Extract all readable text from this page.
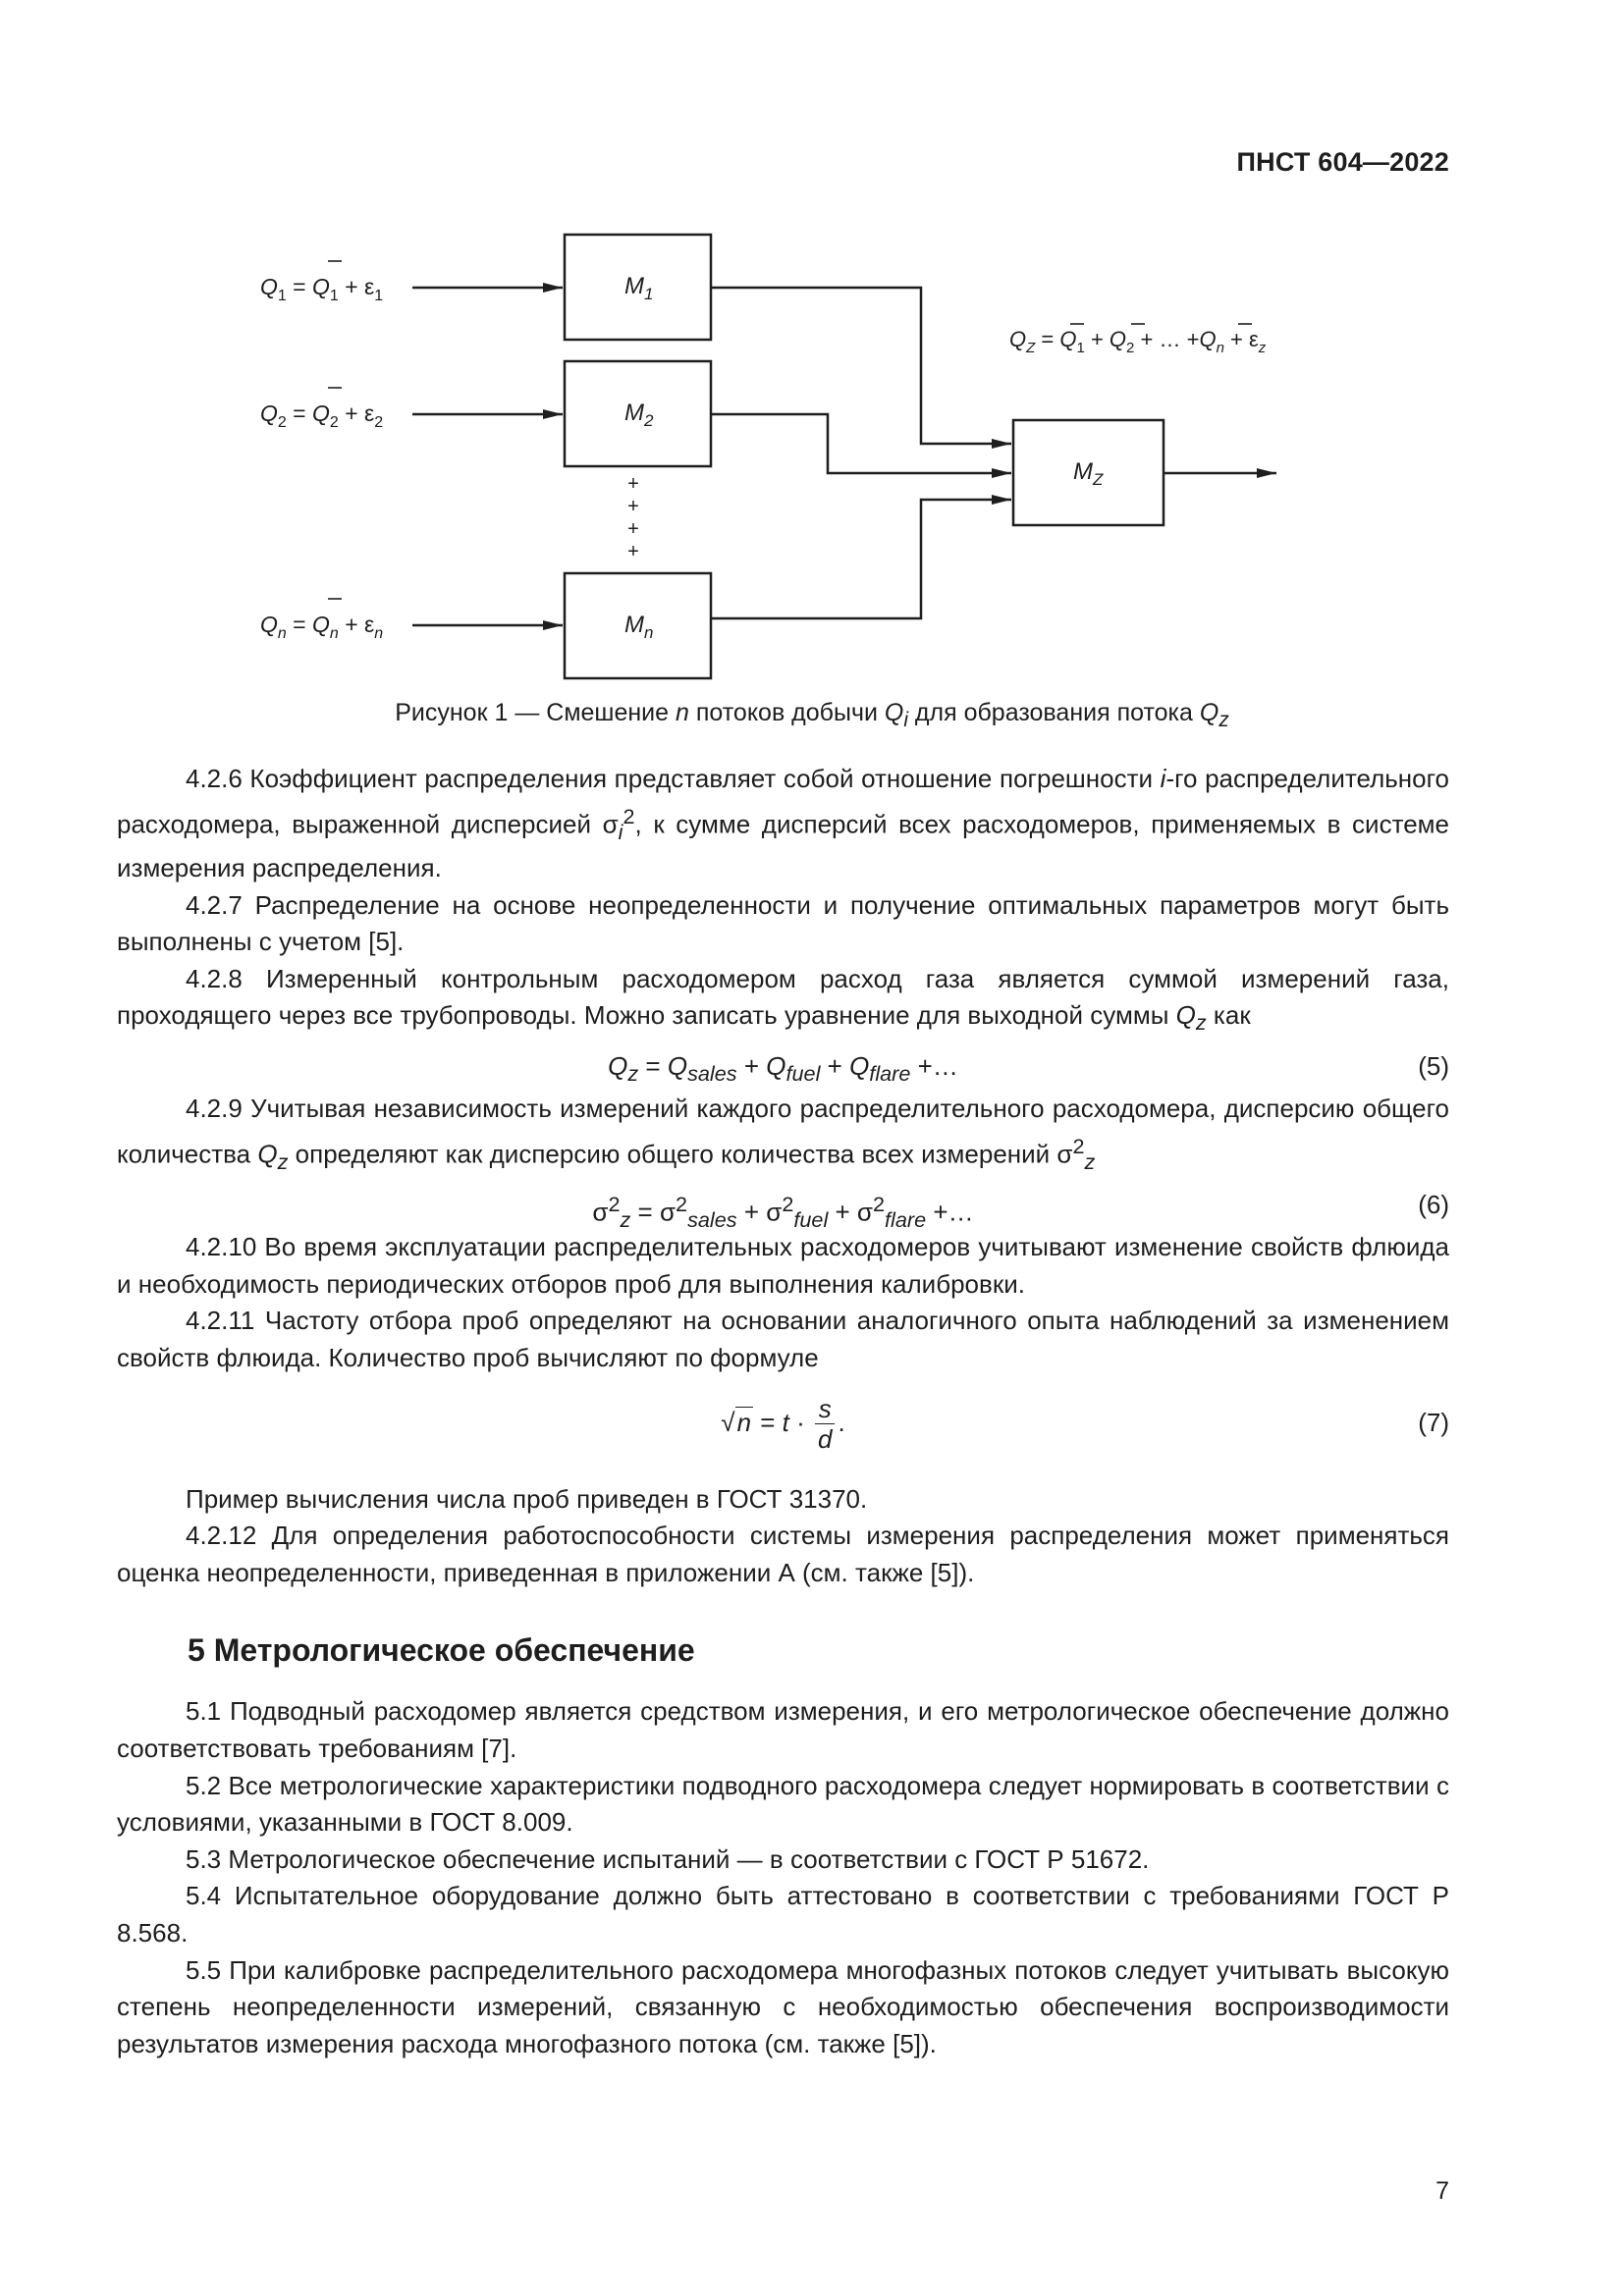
ПНСТ 604—2022
$M_1$
$M_2$
$M_n$
$M_Z$
$Q_1 = Q_1 + \varepsilon_1$
$Q_2 = Q_2 + \varepsilon_2$
$Q_n = Q_n + \varepsilon_n$
+
+
+
+
$Q_Z = Q_1 + Q_2$ + … $+Q_n + \varepsilon_z$
Рисунок 1 — Смешение n потоков добычи $Q_i$ для образования потока $Q_z$

4.2.6 Коэффициент распределения представляет собой отношение погрешности i-го распределительного расходомера, выраженной дисперсией $\sigma_i^2$, к сумме дисперсий всех расходомеров, применяемых в системе измерения распределения.

4.2.7 Распределение на основе неопределенности и получение оптимальных параметров могут быть выполнены с учетом [5].

4.2.8 Измеренный контрольным расходомером расход газа является суммой измерений газа, проходящего через все трубопроводы. Можно записать уравнение для выходной суммы $Q_z$ как

$Q_z = Q_{sales} + Q_{fuel} + Q_{flare}$ +…	(5)

4.2.9 Учитывая независимость измерений каждого распределительного расходомера, дисперсию общего количества $Q_z$ определяют как дисперсию общего количества всех измерений $\sigma^2_z$

$\sigma^2_z = \sigma^2_{sales} + \sigma^2_{fuel} + \sigma^2_{flare}$ +…	(6)

4.2.10 Во время эксплуатации распределительных расходомеров учитывают изменение свойств флюида и необходимость периодических отборов проб для выполнения калибровки.

4.2.11 Частоту отбора проб определяют на основании аналогичного опыта наблюдений за изменением свойств флюида. Количество проб вычисляют по формуле

$√n = t \cdot \frac{s}{d}$ .	(7)

Пример вычисления числа проб приведен в ГОСТ 31370.

4.2.12 Для определения работоспособности системы измерения распределения может применяться оценка неопределенности, приведенная в приложении А (см. также [5]).

5 Метрологическое обеспечение

5.1 Подводный расходомер является средством измерения, и его метрологическое обеспечение должно соответствовать требованиям [7].

5.2 Все метрологические характеристики подводного расходомера следует нормировать в соответствии с условиями, указанными в ГОСТ 8.009.

5.3 Метрологическое обеспечение испытаний — в соответствии с ГОСТ Р 51672.

5.4 Испытательное оборудование должно быть аттестовано в соответствии с требованиями ГОСТ Р 8.568.

5.5 При калибровке распределительного расходомера многофазных потоков следует учитывать высокую степень неопределенности измерений, связанную с необходимостью обеспечения воспроизводимости результатов измерения расхода многофазного потока (см. также [5]).

7
